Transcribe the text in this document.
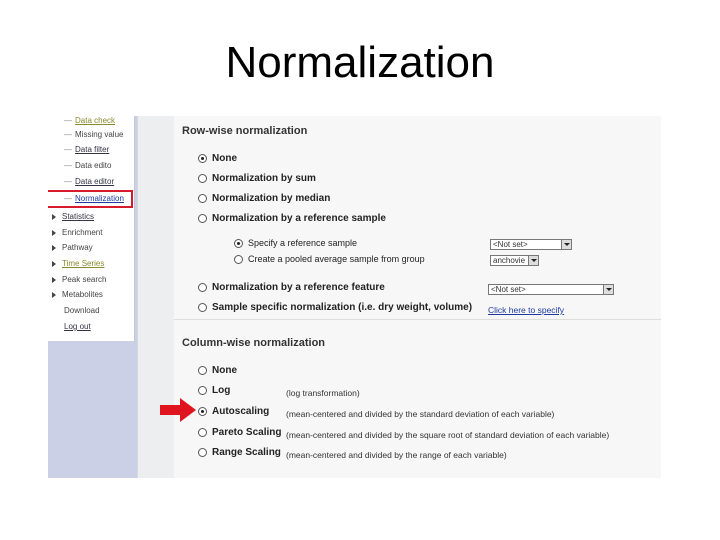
Normalization
— Data check
— Missing value
— Data filter
— Data edito
— Data editor
— Normalization
Statistics
Enrichment
Pathway
Time Series
Peak search
Metabolites
Download
Log out
Row-wise normalization
None
Normalization by sum
Normalization by median
Normalization by a reference sample
Specify a reference sample	<Not set>
Create a pooled average sample from group	anchovie
Normalization by a reference feature	<Not set>
Sample specific normalization (i.e. dry weight, volume) Click here to specify
Column-wise normalization
None
Log	(log transformation)
Autoscaling (mean-centered and divided by the standard deviation of each variable)
Pareto Scaling (mean-centered and divided by the square root of standard deviation of each variable)
Range Scaling (mean-centered and divided by the range of each variable)
